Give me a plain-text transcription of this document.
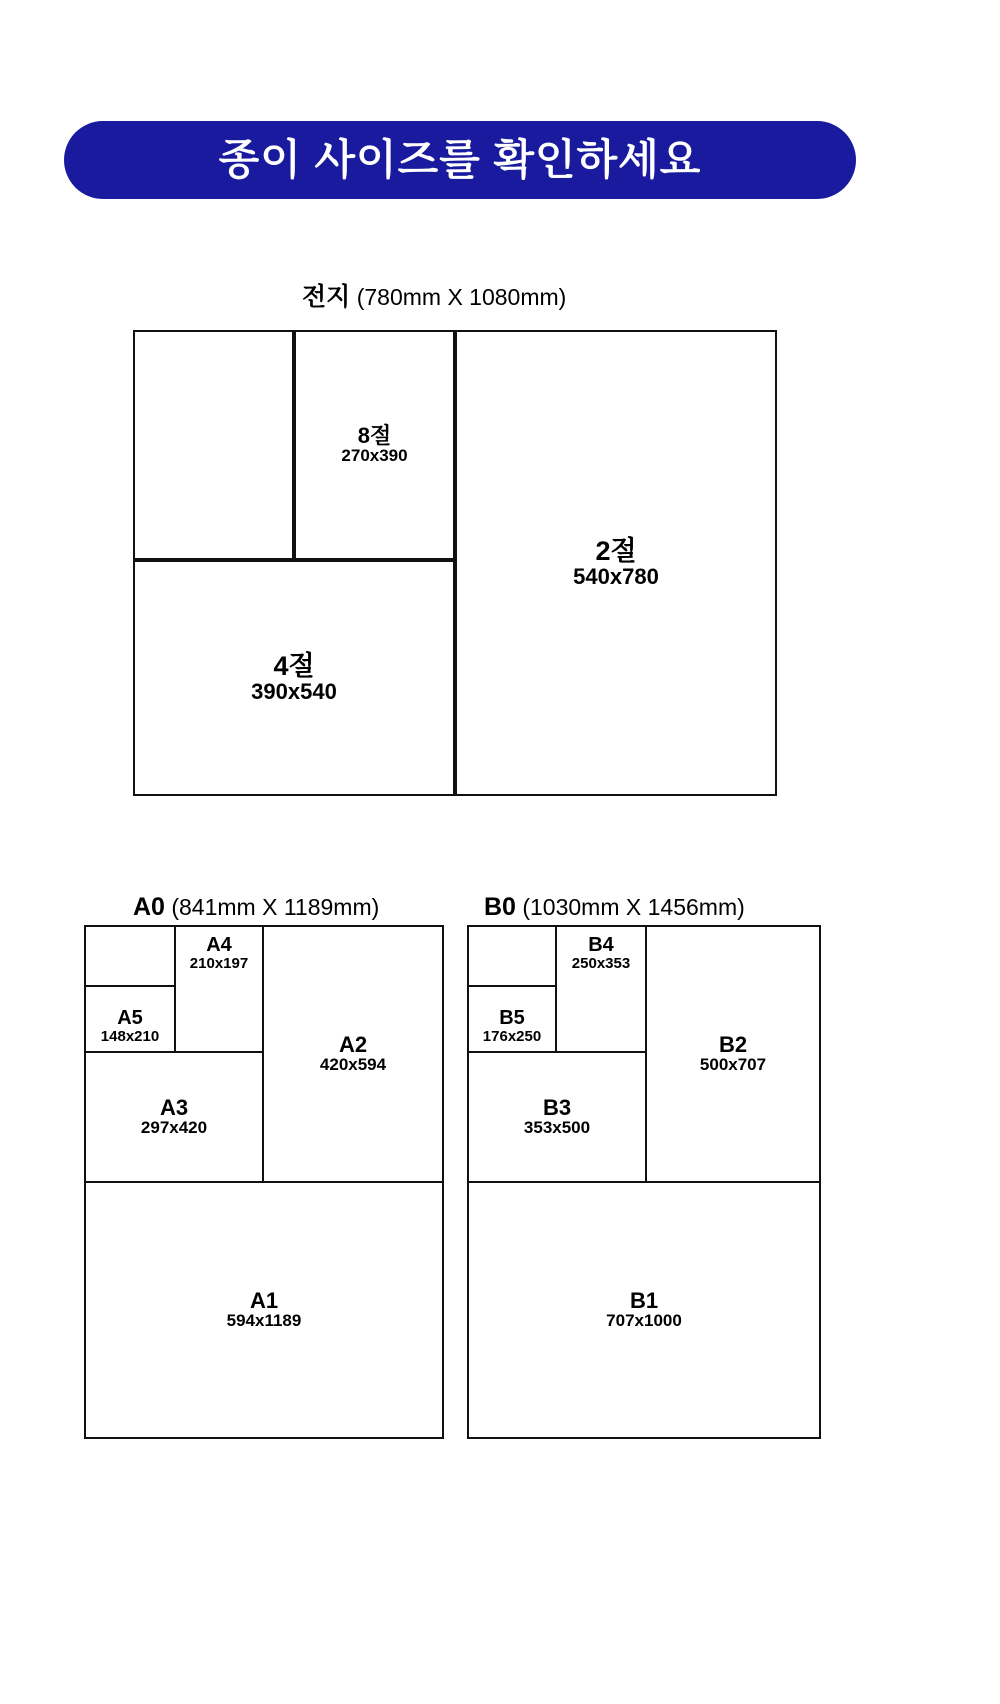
종이 사이즈를 확인하세요
전지 (780mm X 1080mm)
8절
270x390
4절
390x540
2절
540x780
A0 (841mm X 1189mm)
A5
148x210
A4
210x197
A3
297x420
A2
420x594
A1
594x1189
B0 (1030mm X 1456mm)
B5
176x250
B4
250x353
B3
353x500
B2
500x707
B1
707x1000
